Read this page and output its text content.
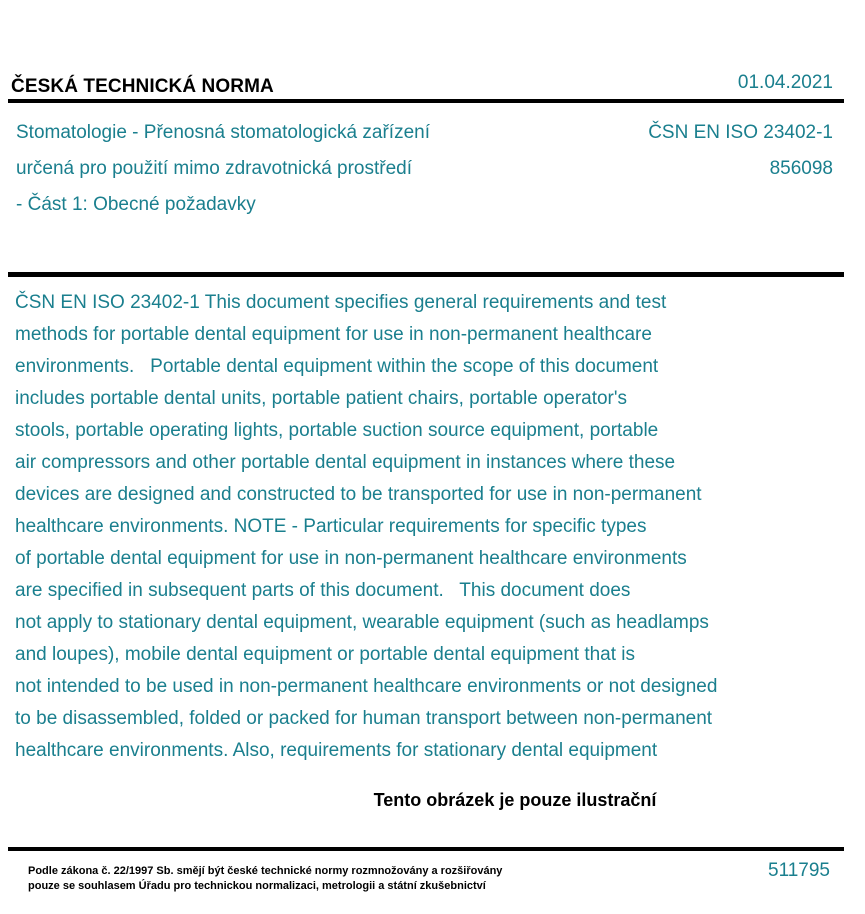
ČESKÁ TECHNICKÁ NORMA	01.04.2021
Stomatologie - Přenosná stomatologická zařízení
určená pro použití mimo zdravotnická prostředí
- Část 1: Obecné požadavky
ČSN EN ISO 23402-1
856098
ČSN EN ISO 23402-1 This document specifies general requirements and test
methods for portable dental equipment for use in non-permanent healthcare
environments.   Portable dental equipment within the scope of this document
includes portable dental units, portable patient chairs, portable operator's
stools, portable operating lights, portable suction source equipment, portable
air compressors and other portable dental equipment in instances where these
devices are designed and constructed to be transported for use in non-permanent
healthcare environments. NOTE - Particular requirements for specific types
of portable dental equipment for use in non-permanent healthcare environments
are specified in subsequent parts of this document.   This document does
not apply to stationary dental equipment, wearable equipment (such as headlamps
and loupes), mobile dental equipment or portable dental equipment that is
not intended to be used in non-permanent healthcare environments or not designed
to be disassembled, folded or packed for human transport between non-permanent
healthcare environments. Also, requirements for stationary dental equipment
Tento obrázek je pouze ilustrační
Podle zákona č. 22/1997 Sb. smějí být české technické normy rozmnožovány a rozšiřovány
pouze se souhlasem Úřadu pro technickou normalizaci, metrologii a státní zkušebnictví
511795
